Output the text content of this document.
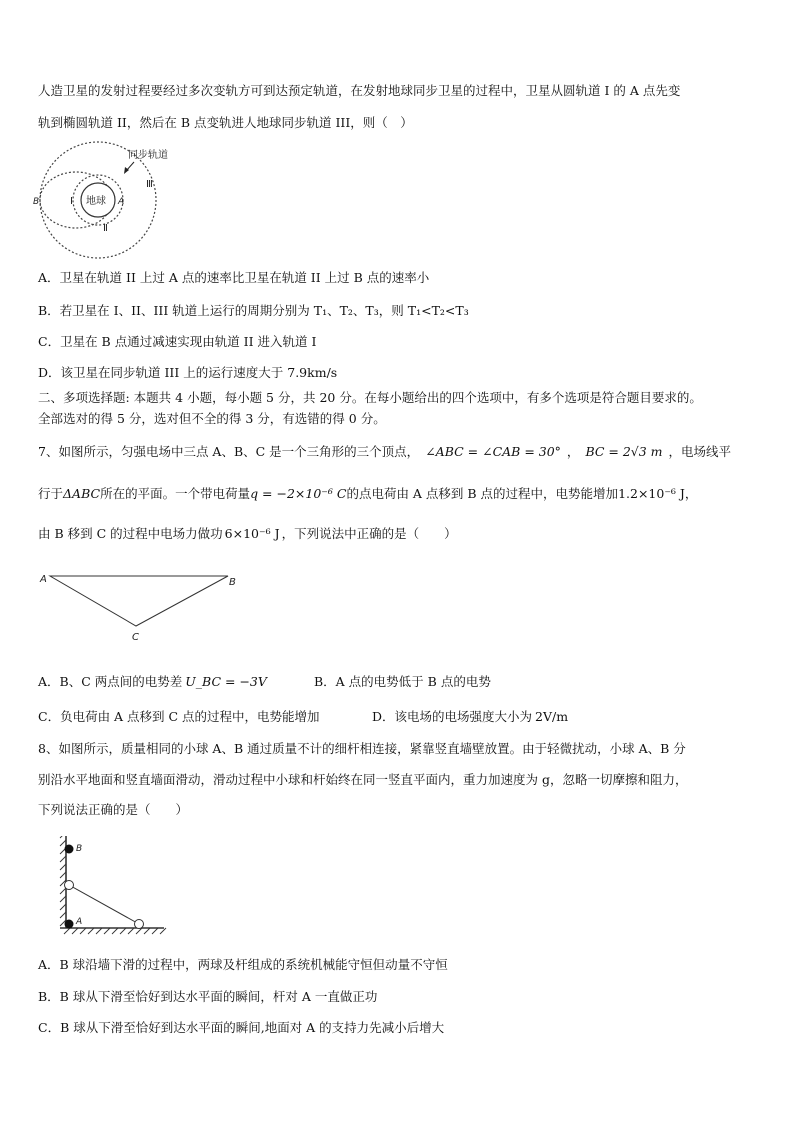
人造卫星的发射过程要经过多次变轨方可到达预定轨道，在发射地球同步卫星的过程中，卫星从圆轨道 I 的 A 点先变
轨到椭圆轨道 II，然后在 B 点变轨进人地球同步轨道 III，则（　）
地球
同步轨道
Ⅲ
Ⅰ
Ⅱ
A
B
A．卫星在轨道 II 上过 A 点的速率比卫星在轨道 II 上过 B 点的速率小
B．若卫星在 I、II、III 轨道上运行的周期分别为 T₁、T₂、T₃，则 T₁<T₂<T₃
C．卫星在 B 点通过减速实现由轨道 II 进入轨道 I
D．该卫星在同步轨道 III 上的运行速度大于 7.9km/s
二、多项选择题: 本题共 4 小题，每小题 5 分，共 20 分。在每小题给出的四个选项中，有多个选项是符合题目要求的。
全部选对的得 5 分，选对但不全的得 3 分，有选错的得 0 分。
7、如图所示，匀强电场中三点 A、B、C 是一个三角形的三个顶点， ∠ABC = ∠CAB = 30° ， BC = 2√3 m ，电场线平
行于ΔABC所在的平面。一个带电荷量q = −2×10⁻⁶ C的点电荷由 A 点移到 B 点的过程中，电势能增加1.2×10⁻⁶ J，
由 B 移到 C 的过程中电场力做功 6×10⁻⁶ J ，下列说法中正确的是（　　）
A	B
C
A．B、C 两点间的电势差 U_BC = −3V	B．A 点的电势低于 B 点的电势
C．负电荷由 A 点移到 C 点的过程中，电势能增加	D．该电场的电场强度大小为 2V/m
8、如图所示，质量相同的小球 A、B 通过质量不计的细杆相连接，紧靠竖直墙壁放置。由于轻微扰动，小球 A、B 分
别沿水平地面和竖直墙面滑动，滑动过程中小球和杆始终在同一竖直平面内，重力加速度为 g，忽略一切摩擦和阻力，
下列说法正确的是（　　）
B
A
A．B 球沿墙下滑的过程中，两球及杆组成的系统机械能守恒但动量不守恒
B．B 球从下滑至恰好到达水平面的瞬间，杆对 A 一直做正功
C．B 球从下滑至恰好到达水平面的瞬间,地面对 A 的支持力先减小后增大
